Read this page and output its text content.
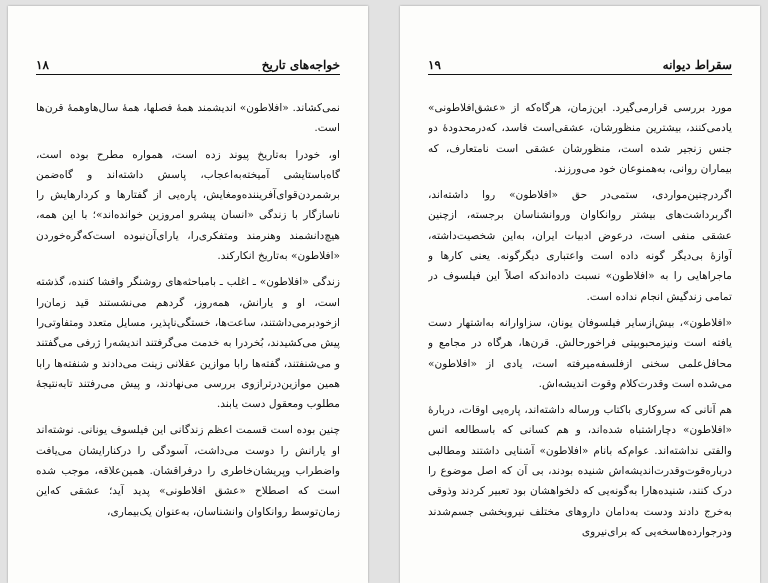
خواجه‌های تاریخ
۱۸

نمی‌کشاند. «افلاطون» اندیشمند همهٔ فصلها، همهٔ سال‌هاوهمهٔ قرن‌ها است.

او، خودرا به‌تاریخ پیوند زده است، همواره مطرح بوده است، گاه‌باستایشی آمیخته‌به‌اعجاب، پاسش داشته‌اند و گاه‌ضمن برشمردن‌قوای‌آفریننده‌ومغایش، پاره‌یی از گفتارها و کردارهایش را ناسازگار با زندگی «انسان پیشرو امروزین خوانده‌اند»؛ با این همه، هیچ‌دانشمند وهنرمند ومتفکری‌را، یارای‌آن‌نبوده است‌که‌گره‌خوردن «افلاطون» به‌تاریخ انکارکند.

زندگی «افلاطون» ـ اغلب ـ بامباحثه‌های روشنگر وافشا کننده، گذشته است، او و یارانش، همه‌روز، گردهم می‌نشستند قید زمان‌را ازخودبرمی‌داشتند، ساعت‌ها، خستگی‌ناپذیر، مسایل متعدد ومتفاوتی‌را پیش می‌کشیدند، بُخردرا به خدمت می‌گرفتند اندیشه‌را ژرفی می‌گفتند و می‌شنفتند، گفته‌ها رابا موازین عقلانی زینت می‌دادند و شنفته‌ها رابا همین موازین‌در‌ترازوی بررسی می‌نهادند، و پیش می‌رفتند تابه‌نتیجهٔ مطلوب ومعقول دست یابند.

چنین بوده است قسمت اعظم زندگانی این فیلسوف یونانی. نوشته‌اند او یارانش را دوست می‌داشت، آسودگی را درکنارایشان می‌یافت واضطراب وپریشان‌خاطری را درفراقشان. همین‌علاقه، موجب شده است که اصطلاح «عشق افلاطونی» پدید آید؛ عشقی که‌این زمان‌توسط روانکاوان وانشناسان، به‌عنوان یک‌بیماری،

سقراط دیوانه
۱۹

مورد بررسی قرارمی‌گیرد. این‌زمان، هرگاه‌که از «عشق‌افلاطونی» یادمی‌کنند، بیشترین منظورشان، عشقی‌است فاسد، که‌درمحدودهٔ دو جنس زنجیر شده است، منظورشان عشقی است نامتعارف، که بیماران روانی، به‌همنوعان خود می‌ورزند.

اگردرچنین‌مواردی، ستمی‌در حق «افلاطون» روا داشته‌اند، اگربرداشت‌های بیشتر روانکاوان وروانشناسان برجسته، ازچنین عشقی منفی است، درعوض ادبیات ایران، به‌این شخصیت‌داشته، آوازهٔ بی‌دیگر گونه داده است واعتباری دیگرگونه. یعنی کارها و ماجراهایی را به «افلاطون» نسبت داده‌اندکه اصلاً این فیلسوف در تمامی زندگیش انجام نداده است.

«افلاطون»، بیش‌ازسایر فیلسوفان یونان، سزاوارانه به‌اشتهار دست یافته است ونیزمحبوبیتی فراخورحالش. قرن‌ها، هرگاه در مجامع و محافل‌علمی سخنی ازفلسفه‌میرفته است، یادی از «افلاطون» می‌شده است وقدرت‌کلام وقوت اندیشه‌اش.

هم آنانی که سروکاری باکتاب ورساله داشته‌اند، پاره‌یی اوقات، دربارهٔ «افلاطون» دچاراشتباه شده‌اند، و هم کسانی که باسطالعه انس والفتی نداشته‌اند. عوام‌که بانام «افلاطون» آشنایی داشتند ومطالبی درباره‌قوت‌وقدرت‌اندیشه‌اش شنیده بودند، بی آن که اصل موضوع را درک کنند، شنیده‌هارا به‌گونه‌یی که دلخواهشان بود تعبیر کردند وذوقی به‌خرج دادند ودست به‌دامان داروهای مختلف نیروبخشی جسم‌شدند ودرجوارده‌هاسخه‌یی که برای‌نیروی
